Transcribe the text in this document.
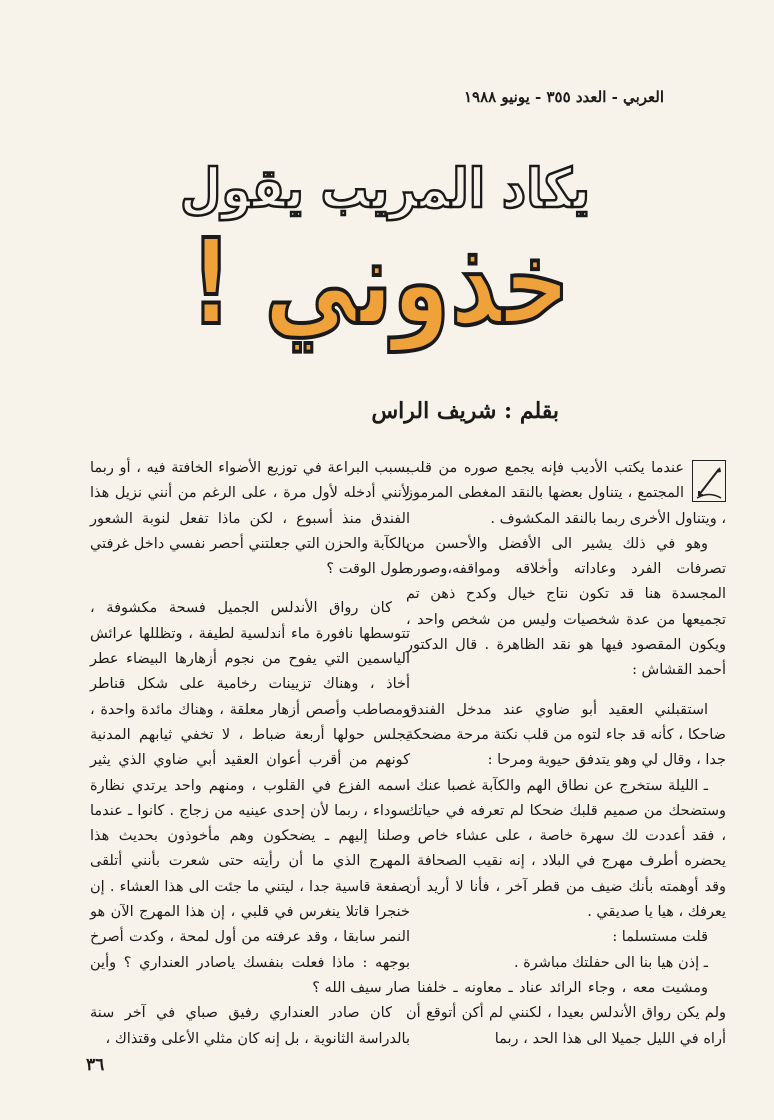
العربي - العدد ٣٥٥ - يونيو ١٩٨٨
يكاد المريب يقول
خذوني !
بقلم : شريف الراس

عندما يكتب الأديب فإنه يجمع صوره من قلب المجتمع ، يتناول بعضها بالنقد المغطى المرموز ، ويتناول الأخرى ربما بالنقد المكشوف .

وهو في ذلك يشير الى الأفضل والأحسن من تصرفات الفرد وعاداته وأخلاقه ومواقفه،وصوره المجسدة هنا قد تكون نتاج خيال وكدح ذهن تم تجميعها من عدة شخصيات وليس من شخص واحد ، ويكون المقصود فيها هو نقد الظاهرة . قال الدكتور أحمد القشاش :

استقبلني العقيد أبو ضاوي عند مدخل الفندق ضاحكا ، كأنه قد جاء لتوه من قلب نكتة مرحة مضحكة جدا ، وقال لي وهو يتدفق حيوية ومرحا :

ـ الليلة ستخرج عن نطاق الهم والكآبة غصبا عنك ، وستضحك من صميم قلبك ضحكا لم تعرفه في حياتك ، فقد أعددت لك سهرة خاصة ، على عشاء خاص ، يحضره أطرف مهرج في البلاد ، إنه نقيب الصحافة ، وقد أوهمته بأنك ضيف من قطر آخر ، فأنا لا أريد أن يعرفك ، هيا يا صديقي .

قلت مستسلما :

ـ إذن هيا بنا الى حفلتك مباشرة .

ومشيت معه ، وجاء الرائد عناد ـ معاونه ـ خلفنا ، ولم يكن رواق الأندلس بعيدا ، لكنني لم أكن أتوقع أن أراه في الليل جميلا الى هذا الحد ، ربما

بسبب البراعة في توزيع الأضواء الخافتة فيه ، أو ربما لأنني أدخله لأول مرة ، على الرغم من أنني نزيل هذا الفندق منذ أسبوع ، لكن ماذا تفعل لنوبة الشعور بالكآبة والحزن التي جعلتني أحصر نفسي داخل غرفتي طول الوقت ؟

كان رواق الأندلس الجميل فسحة مكشوفة ، تتوسطها نافورة ماء أندلسية لطيفة ، وتظللها عرائش الياسمين التي يفوح من نجوم أزهارها البيضاء عطر أخاذ ، وهناك تزيينات رخامية على شكل قناطر ومصاطب وأصص أزهار معلقة ، وهناك مائدة واحدة ، يجلس حولها أربعة ضباط ، لا تخفي ثيابهم المدنية كونهم من أقرب أعوان العقيد أبي ضاوي الذي يثير اسمه الفزع في القلوب ، ومنهم واحد يرتدي نظارة سوداء ، ربما لأن إحدى عينيه من زجاج . كانوا ـ عندما وصلنا إليهم ـ يضحكون وهم مأخوذون بحديث هذا المهرج الذي ما أن رأيته حتى شعرت بأنني أتلقى صفعة قاسية جدا ، ليتني ما جئت الى هذا العشاء . إن خنجرا قاتلا ينغرس في قلبي ، إن هذا المهرج الآن هو النمر سابقا ، وقد عرفته من أول لمحة ، وكدت أصرخ بوجهه : ماذا فعلت بنفسك ياصادر العنداري ؟ وأين صار سيف الله ؟

كان صادر العنداري رفيق صباي في آخر سنة بالدراسة الثانوية ، بل إنه كان مثلي الأعلى وقتذاك ،

٣٦
